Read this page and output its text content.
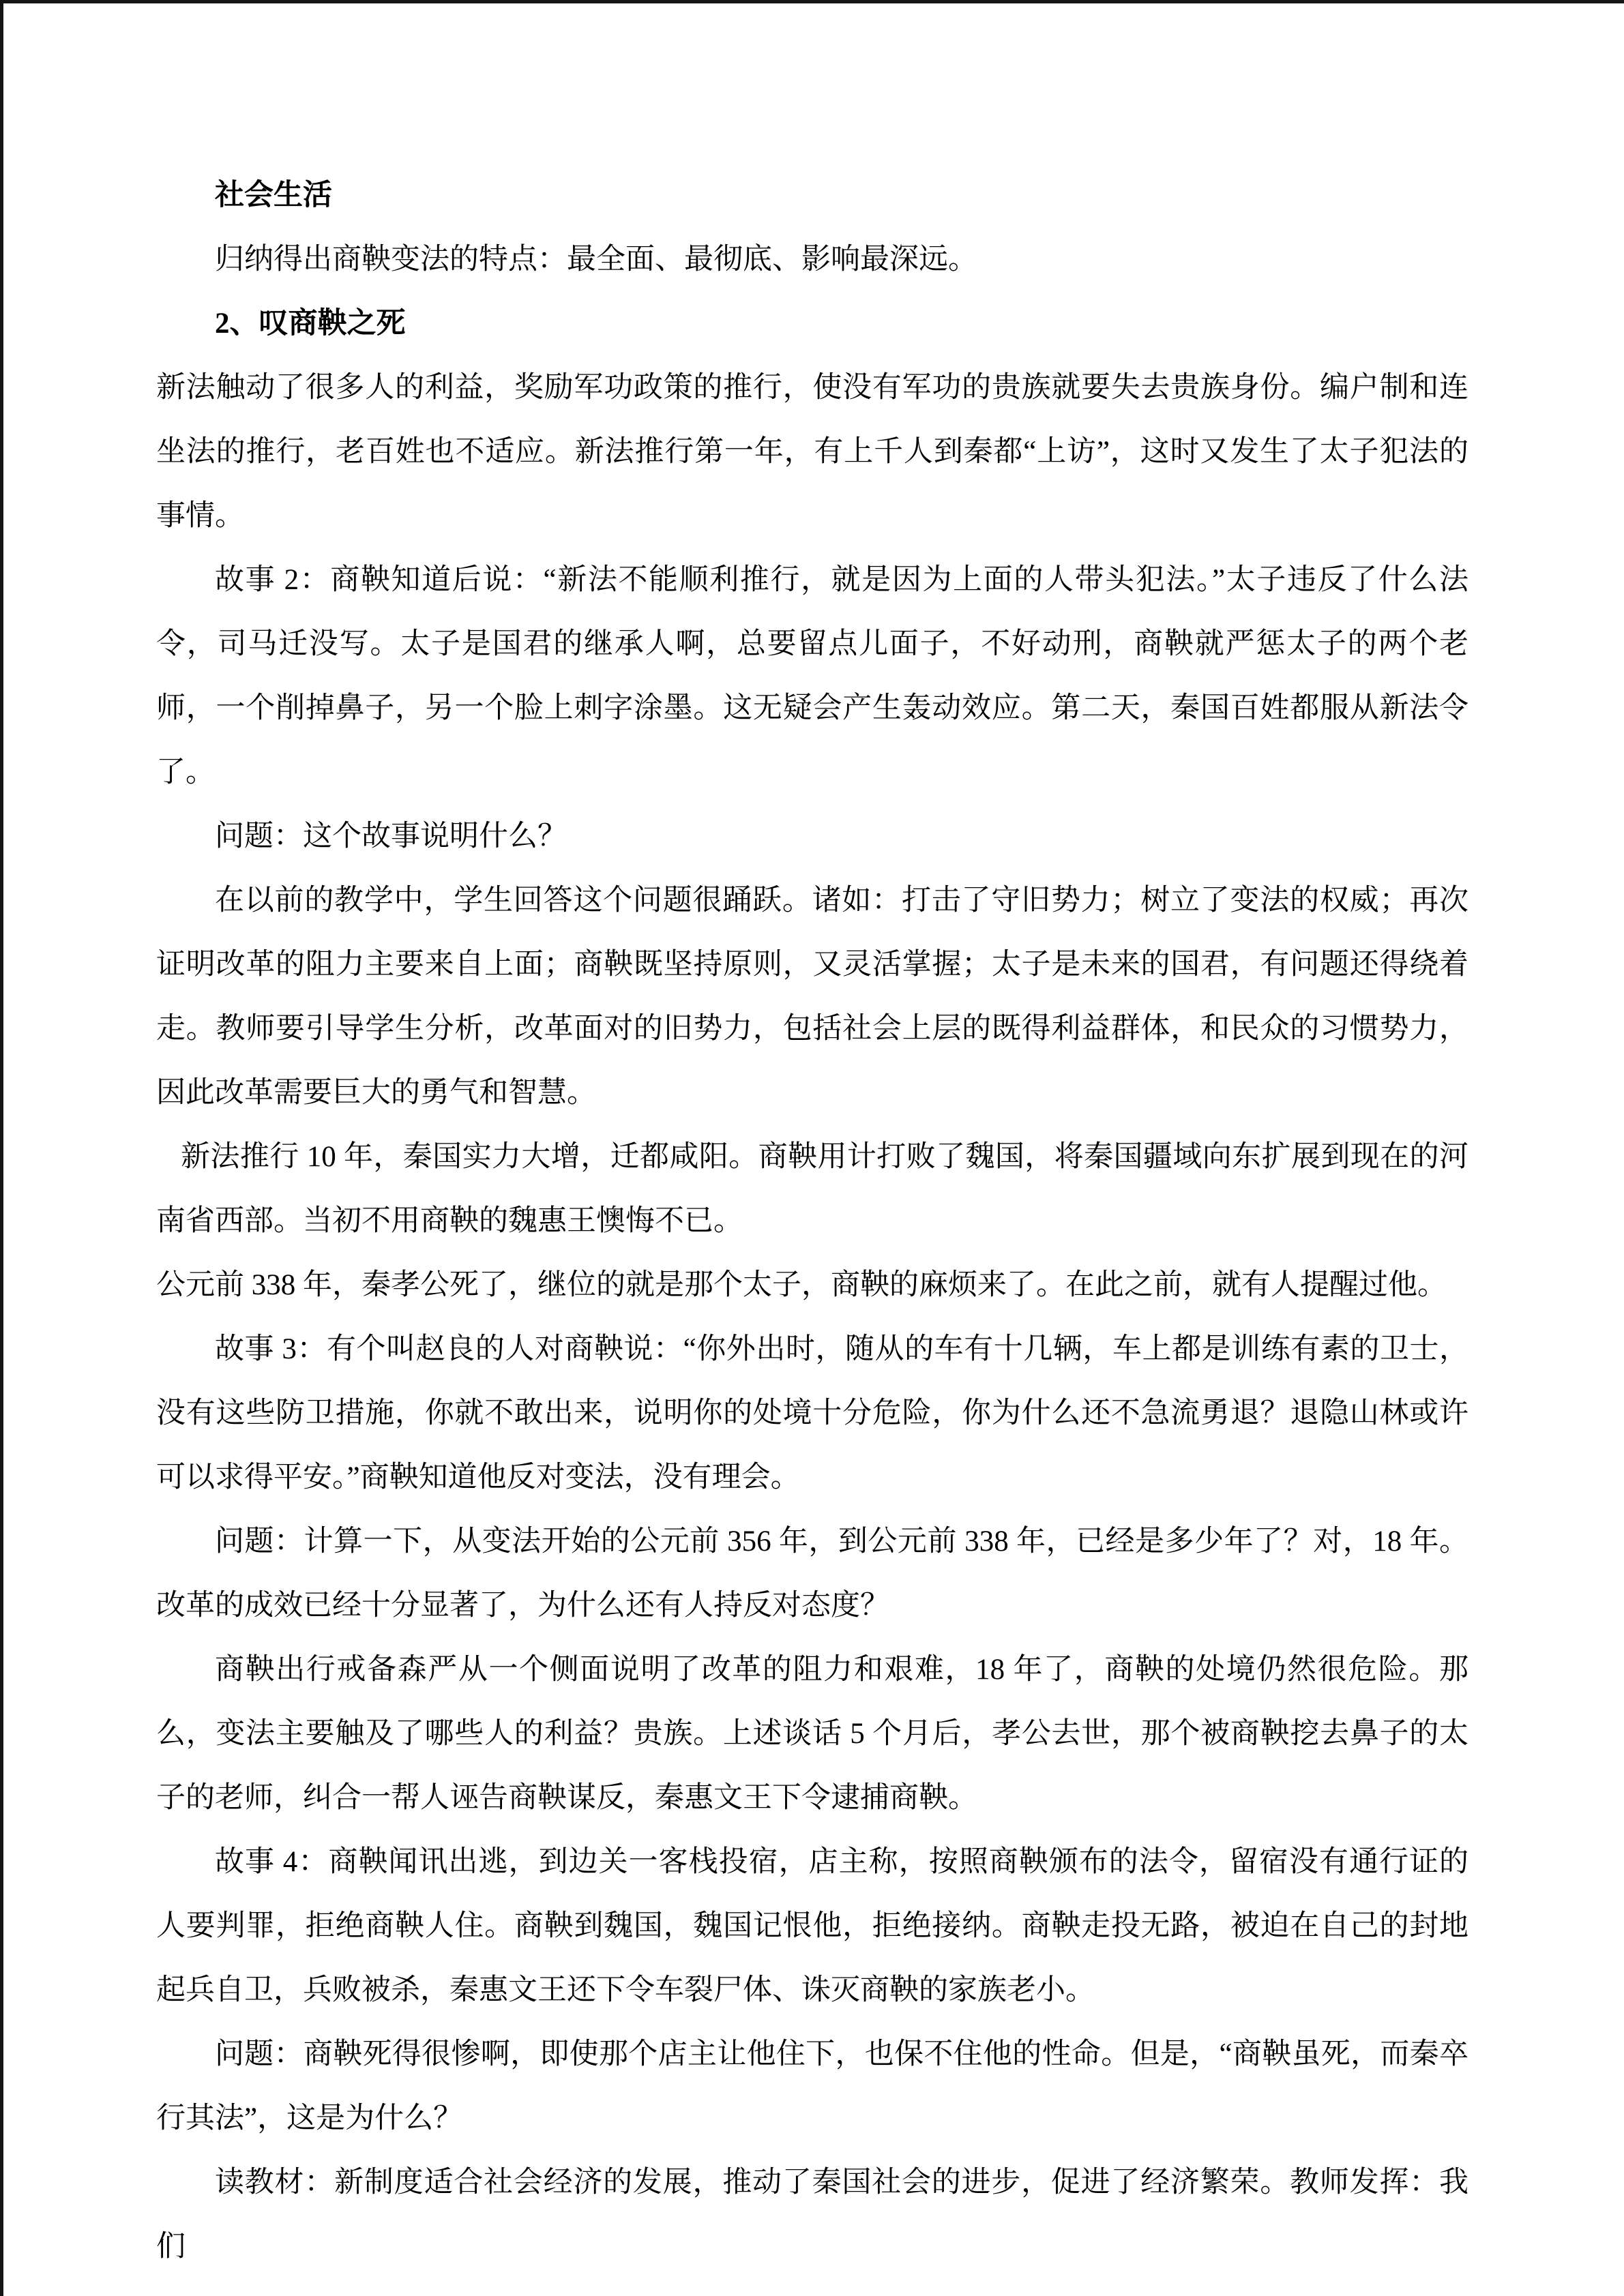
社会生活

归纳得出商鞅变法的特点：最全面、最彻底、影响最深远。

2、叹商鞅之死

新法触动了很多人的利益，奖励军功政策的推行，使没有军功的贵族就要失去贵族身份。编户制和连坐法的推行，老百姓也不适应。新法推行第一年，有上千人到秦都“上访”，这时又发生了太子犯法的事情。

故事 2：商鞅知道后说：“新法不能顺利推行，就是因为上面的人带头犯法。”太子违反了什么法令，司马迁没写。太子是国君的继承人啊，总要留点儿面子，不好动刑，商鞅就严惩太子的两个老师，一个削掉鼻子，另一个脸上刺字涂墨。这无疑会产生轰动效应。第二天，秦国百姓都服从新法令了。

问题：这个故事说明什么？

在以前的教学中，学生回答这个问题很踊跃。诸如：打击了守旧势力；树立了变法的权威；再次证明改革的阻力主要来自上面；商鞅既坚持原则，又灵活掌握；太子是未来的国君，有问题还得绕着走。教师要引导学生分析，改革面对的旧势力，包括社会上层的既得利益群体，和民众的习惯势力，因此改革需要巨大的勇气和智慧。

新法推行 10 年，秦国实力大增，迁都咸阳。商鞅用计打败了魏国，将秦国疆域向东扩展到现在的河南省西部。当初不用商鞅的魏惠王懊悔不已。

公元前 338 年，秦孝公死了，继位的就是那个太子，商鞅的麻烦来了。在此之前，就有人提醒过他。

故事 3：有个叫赵良的人对商鞅说：“你外出时，随从的车有十几辆，车上都是训练有素的卫士，没有这些防卫措施，你就不敢出来，说明你的处境十分危险，你为什么还不急流勇退？退隐山林或许可以求得平安。”商鞅知道他反对变法，没有理会。

问题：计算一下，从变法开始的公元前 356 年，到公元前 338 年，已经是多少年了？对，18 年。改革的成效已经十分显著了，为什么还有人持反对态度？

商鞅出行戒备森严从一个侧面说明了改革的阻力和艰难，18 年了，商鞅的处境仍然很危险。那么，变法主要触及了哪些人的利益？贵族。上述谈话 5 个月后，孝公去世，那个被商鞅挖去鼻子的太子的老师，纠合一帮人诬告商鞅谋反，秦惠文王下令逮捕商鞅。

故事 4：商鞅闻讯出逃，到边关一客栈投宿，店主称，按照商鞅颁布的法令，留宿没有通行证的人要判罪，拒绝商鞅人住。商鞅到魏国，魏国记恨他，拒绝接纳。商鞅走投无路，被迫在自己的封地起兵自卫，兵败被杀，秦惠文王还下令车裂尸体、诛灭商鞅的家族老小。

问题：商鞅死得很惨啊，即使那个店主让他住下，也保不住他的性命。但是，“商鞅虽死，而秦卒行其法”，这是为什么？

读教材：新制度适合社会经济的发展，推动了秦国社会的进步，促进了经济繁荣。教师发挥：我们
